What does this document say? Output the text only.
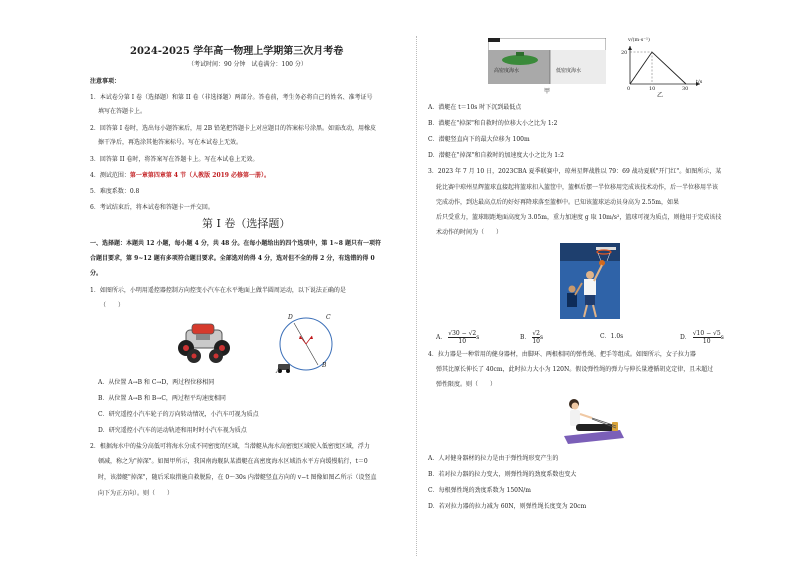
2024-2025 学年高一物理上学期第三次月考卷
（考试时间：90 分钟　试卷满分：100 分）
注意事项：
1．本试卷分第 I 卷（选择题）和第 II 卷（非选择题）两部分。答卷前，考生务必将自己的姓名、准考证号
填写在答题卡上。
2．回答第 I 卷时，选出每小题答案后，用 2B 铅笔把答题卡上对应题目的答案标号涂黑。如需改动，用橡皮
擦干净后，再选涂其他答案标号。写在本试卷上无效。
3．回答第 II 卷时，将答案写在答题卡上。写在本试卷上无效。
4．测试范围：第一章第四章第 4 节（人教版 2019 必修第一册）。
5．难度系数：0.8
6．考试结束后，将本试卷和答题卡一并交回。
第 I 卷（选择题）
一、选择题：本题共 12 小题，每小题 4 分，共 48 分。在每小题给出的四个选项中，第 1~8 题只有一项符
合题目要求，第 9~12 题有多项符合题目要求。全部选对的得 4 分，选对但不全的得 2 分，有选错的得 0
分。
1．如图所示，小明用遥控器控制方向控变小汽车在水平地面上做半圆周运动，以下说法正确的是
（　　）
D	C
A
B
A．从位置 A→B 和 C→D，两过程位移相同
B．从位置 A→B 和 B→C，两过程平均速度相同
C．研究遥控小汽车轮子的万向转动情况，小汽车可视为质点
D．研究遥控小汽车的运动轨迹和用时时小汽车视为质点
2．根据海水中的盐分高低可将海水分成不同密度的区域，当潜艇从海水高密度区域驶入低密度区域，浮力
顿减，称之为"掉深"。如图甲所示，我国南海舰队某潜艇在高密度海水区域沿水平方向缓慢航行，t＝0
时，该潜艇"掉深"，随后采取措施自救脱险，在 0～30s 内潜艇竖直方向的 v−t 图像如图乙所示（设竖直
向下为正方向）。则（　　）
高密度海水	低密度海水
甲
v/(m·s⁻¹)
t/s
20
0	10	30
乙
A．潜艇在 t＝10s 时下沉到最低点
B．潜艇在"掉深"和自救时的位移大小之比为 1:2
C．潜艇竖直向下的最大位移为 100m
D．潜艇在"掉深"和自救时的加速度大小之比为 1:2
3．2023 年 7 月 10 日，2023CBA 夏季联赛中，琼州星辉战胜以 79：69 战功夏联"开门红"。如图所示，某
轮比赛中琼州星辉篮球直接起将篮球扣入篮筐中，篮框后摆一半位移用完成该技术动作，后一半位移用半该
完成动作，到达最高点后的好好再降球落至篮框中。已知该篮球运动员身高为 2.55m，如果
后只受重力，篮球眼距地面高度为 3.05m，重力加速度 g 取 10m/s²，篮球可视为质点，则他用于完成该技
术动作的时间为（　　）
A． $\frac{√30 - √2}{10}$ s	B． $\frac{√2}{10}$ s	C．1.0s	D． $\frac{√10 - √5}{10}$ s
4．拉力器是一种常用的健身器材，由脚环、两根相同的弹性绳、把手等组成。如图所示，女子拉力器
弹其比原长伸长了 40cm，此时拉力大小为 120N。假设弹性绳的弹力与伸长量遵循胡克定律，且未超过
弹性限度。则（　　）
A．人对健身器材的拉力是由于弹性绳形变产生的
B．若对拉力器的拉力变大，则弹性绳的劲度系数也变大
C．每根弹性绳的劲度系数为 150N/m
D．若对拉力器的拉力减为 60N，则弹性绳长度变为 20cm
